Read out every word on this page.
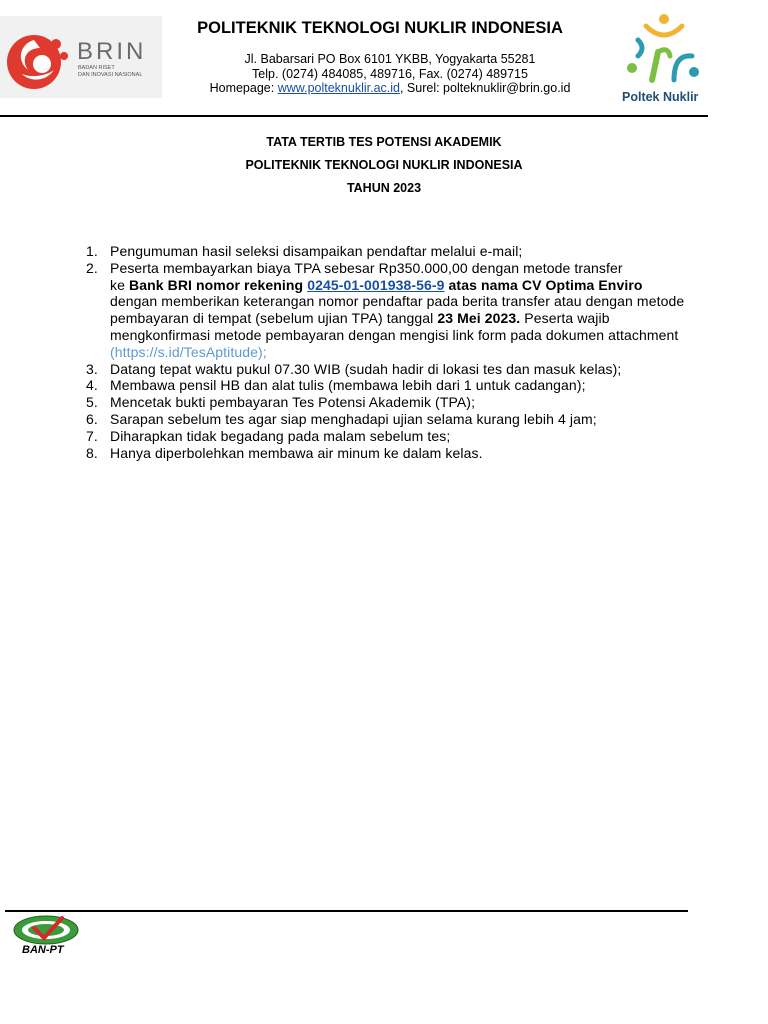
BRIN
BADAN RISET
DAN INOVASI NASIONAL
POLITEKNIK TEKNOLOGI NUKLIR INDONESIA
Jl. Babarsari PO Box 6101 YKBB, Yogyakarta 55281
Telp. (0274) 484085, 489716, Fax. (0274) 489715
Homepage: www.polteknuklir.ac.id, Surel: polteknuklir@brin.go.id
Poltek Nuklir
TATA TERTIB TES POTENSI AKADEMIK
POLITEKNIK TEKNOLOGI NUKLIR INDONESIA
TAHUN 2023
1. Pengumuman hasil seleksi disampaikan pendaftar melalui e-mail;
2. Peserta membayarkan biaya TPA sebesar Rp350.000,00 dengan metode transfer
ke Bank BRI nomor rekening 0245-01-001938-56-9 atas nama CV Optima Enviro
dengan memberikan keterangan nomor pendaftar pada berita transfer atau dengan metode pembayaran di tempat (sebelum ujian TPA) tanggal 23 Mei 2023. Peserta wajib mengkonfirmasi metode pembayaran dengan mengisi link form pada dokumen attachment (https://s.id/TesAptitude);
3. Datang tepat waktu pukul 07.30 WIB (sudah hadir di lokasi tes dan masuk kelas);
4. Membawa pensil HB dan alat tulis (membawa lebih dari 1 untuk cadangan);
5. Mencetak bukti pembayaran Tes Potensi Akademik (TPA);
6. Sarapan sebelum tes agar siap menghadapi ujian selama kurang lebih 4 jam;
7. Diharapkan tidak begadang pada malam sebelum tes;
8. Hanya diperbolehkan membawa air minum ke dalam kelas.
BAN-PT
